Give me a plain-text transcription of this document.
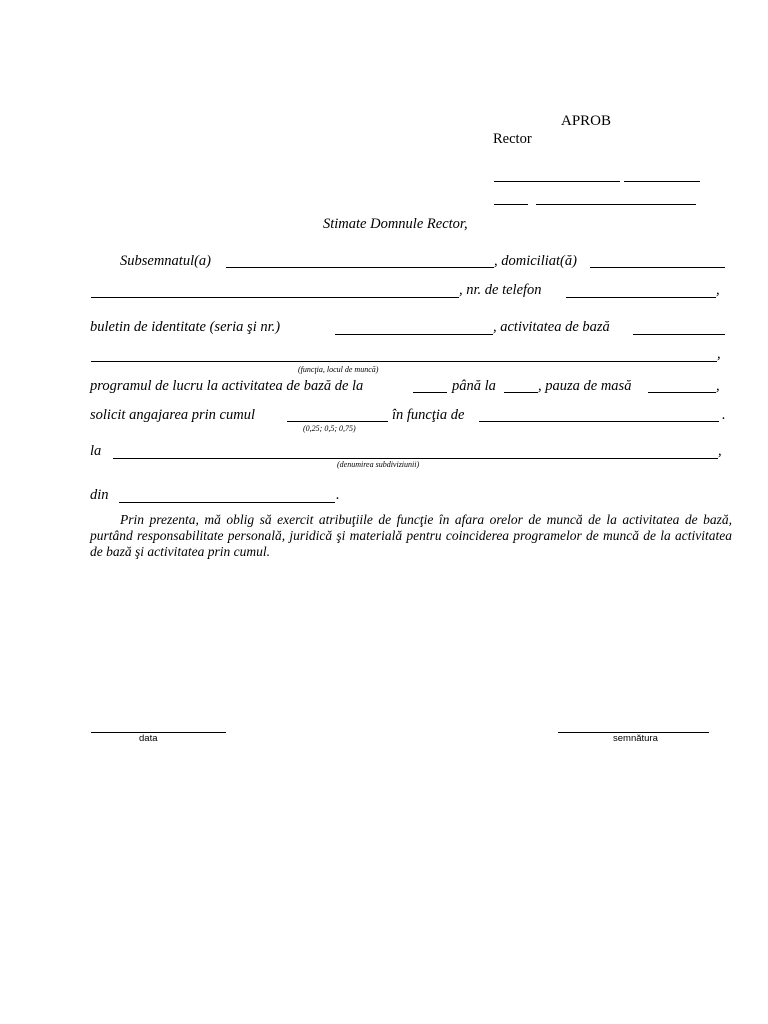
APROB
Rector
Stimate Domnule Rector,
Subsemnatul(a)	, domiciliat(ă)
, nr. de telefon	,
buletin de identitate (seria şi nr.)	, activitatea de bază
,
(funcţia, locul de muncă)
programul de lucru la activitatea de bază de la	până la	, pauza de masă	,
solicit angajarea prin cumul
(0,25; 0,5; 0,75)
în funcţia de	.
la	,
(denumirea subdiviziunii)
din	.
Prin prezenta, mă oblig să exercit atribuţiile de funcţie în afara orelor de muncă de la activitatea de bază, purtând responsabilitate personală, juridică şi materială pentru coinciderea programelor de muncă de la activitatea de bază şi activitatea prin cumul.
data	semnătura
